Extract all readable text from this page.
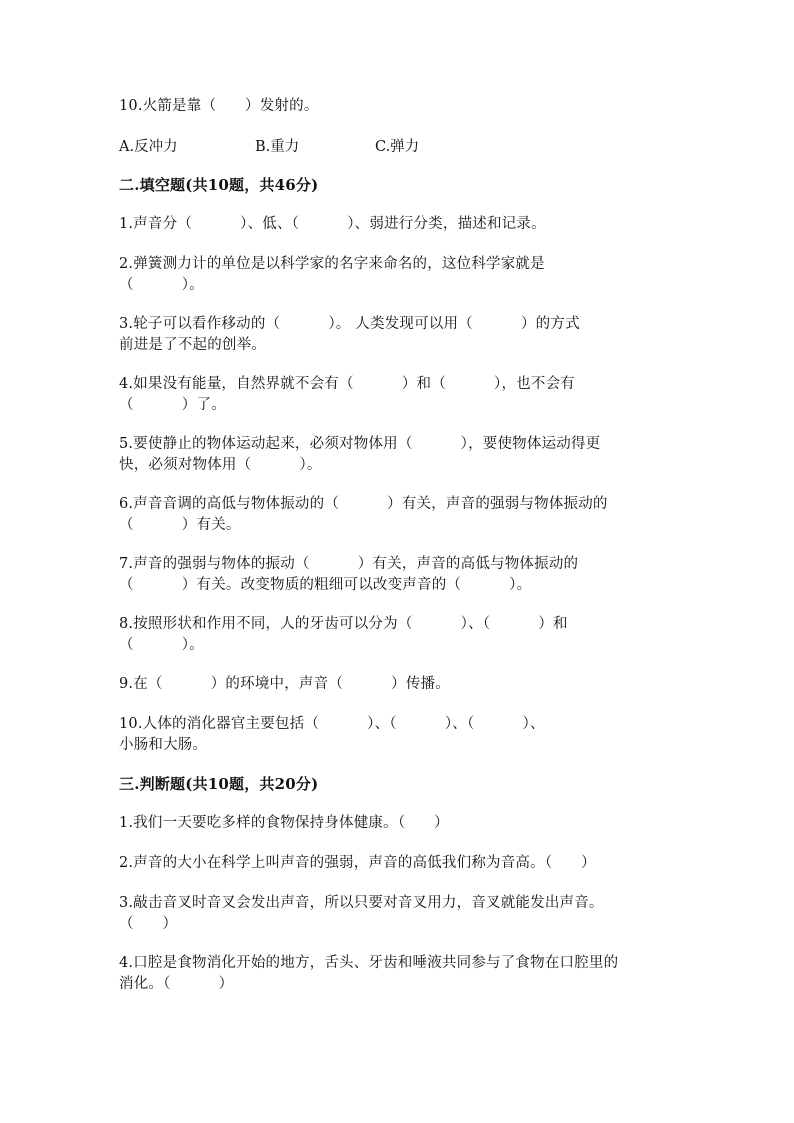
10.火箭是靠（      ）发射的。
A.反冲力	B.重力	C.弹力
二.填空题(共10题，共46分)
1.声音分（          ）、低、（          ）、弱进行分类，描述和记录。
2.弹簧测力计的单位是以科学家的名字来命名的，这位科学家就是
（          ）。
3.轮子可以看作移动的（          ）。 人类发现可以用（          ）的方式
前进是了不起的创举。
4.如果没有能量，自然界就不会有（          ）和（          ），也不会有
（          ）了。
5.要使静止的物体运动起来，必须对物体用（          ），要使物体运动得更
快，必须对物体用（          ）。
6.声音音调的高低与物体振动的（          ）有关，声音的强弱与物体振动的
（          ）有关。
7.声音的强弱与物体的振动（          ）有关，声音的高低与物体振动的
（          ）有关。改变物质的粗细可以改变声音的（          ）。
8.按照形状和作用不同，人的牙齿可以分为（          ）、（          ）和
（          ）。
9.在（          ）的环境中，声音（          ）传播。
10.人体的消化器官主要包括（          ）、（          ）、（          ）、
小肠和大肠。
三.判断题(共10题，共20分)
1.我们一天要吃多样的食物保持身体健康。（      ）
2.声音的大小在科学上叫声音的强弱，声音的高低我们称为音高。（      ）
3.敲击音叉时音叉会发出声音，所以只要对音叉用力，音叉就能发出声音。
（      ）
4.口腔是食物消化开始的地方，舌头、牙齿和唾液共同参与了食物在口腔里的
消化。（          ）
